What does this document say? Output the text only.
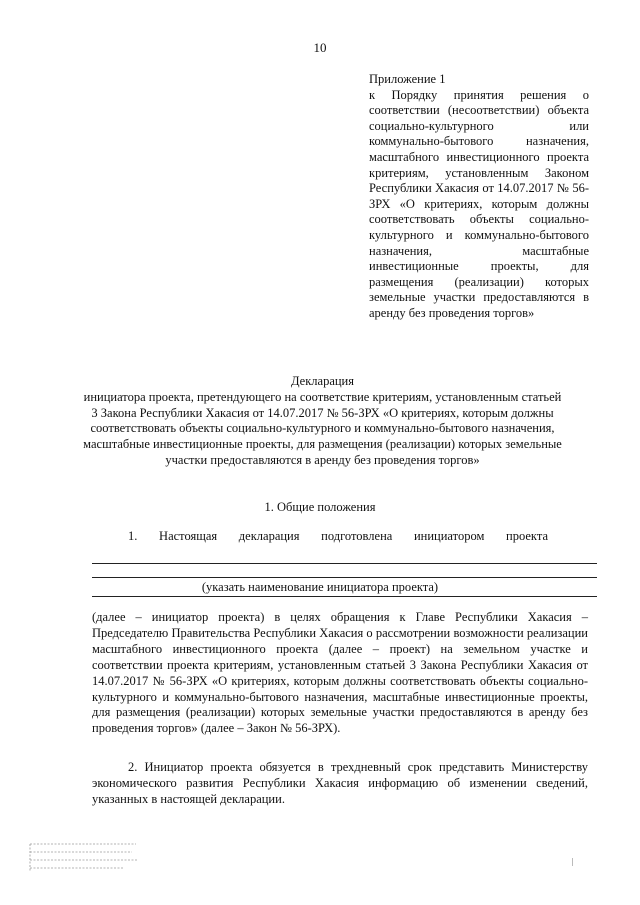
10
Приложение 1
к Порядку принятия решения о соответствии (несоответствии) объекта социально-культурного или коммунально-бытового назначения, масштабного инвестиционного проекта критериям, установленным Законом Республики Хакасия от 14.07.2017 № 56-ЗРХ «О критериях, которым должны соответствовать объекты социально-культурного и коммунально-бытового назначения, масштабные инвестиционные проекты, для размещения (реализации) которых земельные участки предоставляются в аренду без проведения торгов»
Декларация
инициатора проекта, претендующего на соответствие критериям, установленным статьей 3 Закона Республики Хакасия от 14.07.2017 № 56-ЗРХ «О критериях, которым должны соответствовать объекты социально-культурного и коммунально-бытового назначения, масштабные инвестиционные проекты, для размещения (реализации) которых земельные участки предоставляются в аренду без проведения торгов»
1. Общие положения
1. Настоящая декларация подготовлена инициатором проекта
(указать наименование инициатора проекта)
(далее – инициатор проекта) в целях обращения к Главе Республики Хакасия – Председателю Правительства Республики Хакасия о рассмотрении возможности реализации масштабного инвестиционного проекта (далее – проект) на земельном участке и соответствии проекта критериям, установленным статьей 3 Закона Республики Хакасия от 14.07.2017 № 56-ЗРХ «О критериях, которым должны соответствовать объекты социально-культурного и коммунально-бытового назначения, масштабные инвестиционные проекты, для размещения (реализации) которых земельные участки предоставляются в аренду без проведения торгов» (далее – Закон № 56-ЗРХ).
2. Инициатор проекта обязуется в трехдневный срок представить Министерству экономического развития Республики Хакасия информацию об изменении сведений, указанных в настоящей декларации.
